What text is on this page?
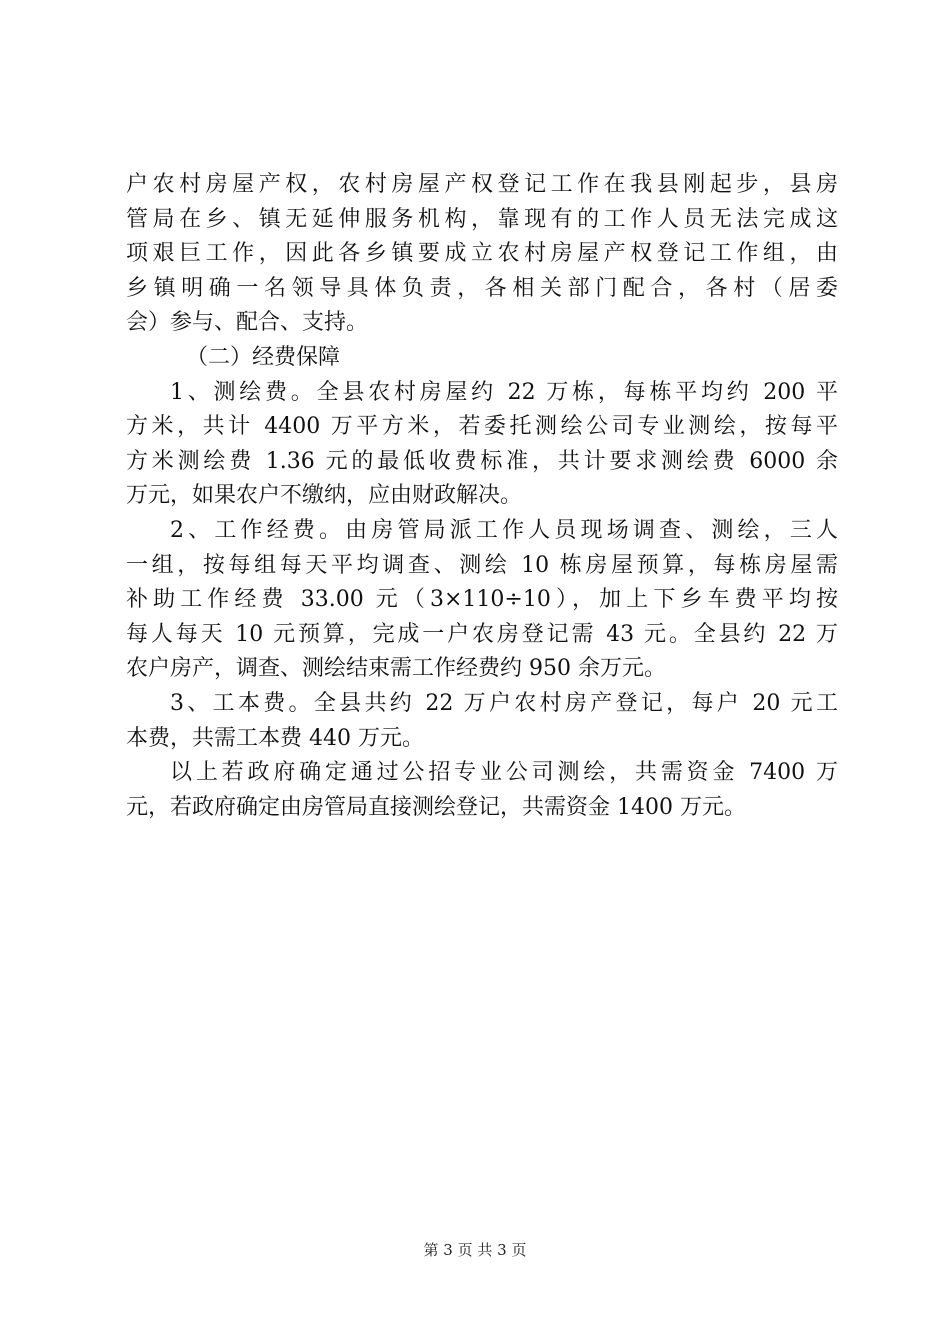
户农村房屋产权，农村房屋产权登记工作在我县刚起步，县房
管局在乡、镇无延伸服务机构，靠现有的工作人员无法完成这
项艰巨工作，因此各乡镇要成立农村房屋产权登记工作组，由
乡镇明确一名领导具体负责，各相关部门配合，各村（居委
会）参与、配合、支持。
（二）经费保障
1、测绘费。全县农村房屋约 22 万栋，每栋平均约 200 平
方米，共计 4400 万平方米，若委托测绘公司专业测绘，按每平
方米测绘费 1.36 元的最低收费标准，共计要求测绘费 6000 余
万元，如果农户不缴纳，应由财政解决。
2、工作经费。由房管局派工作人员现场调查、测绘，三人
一组，按每组每天平均调查、测绘 10 栋房屋预算，每栋房屋需
补助工作经费 33.00 元（3×110÷10），加上下乡车费平均按
每人每天 10 元预算，完成一户农房登记需 43 元。全县约 22 万
农户房产，调查、测绘结束需工作经费约 950 余万元。
3、工本费。全县共约 22 万户农村房产登记，每户 20 元工
本费，共需工本费 440 万元。
以上若政府确定通过公招专业公司测绘，共需资金 7400 万
元，若政府确定由房管局直接测绘登记，共需资金 1400 万元。
第 3 页 共 3 页
